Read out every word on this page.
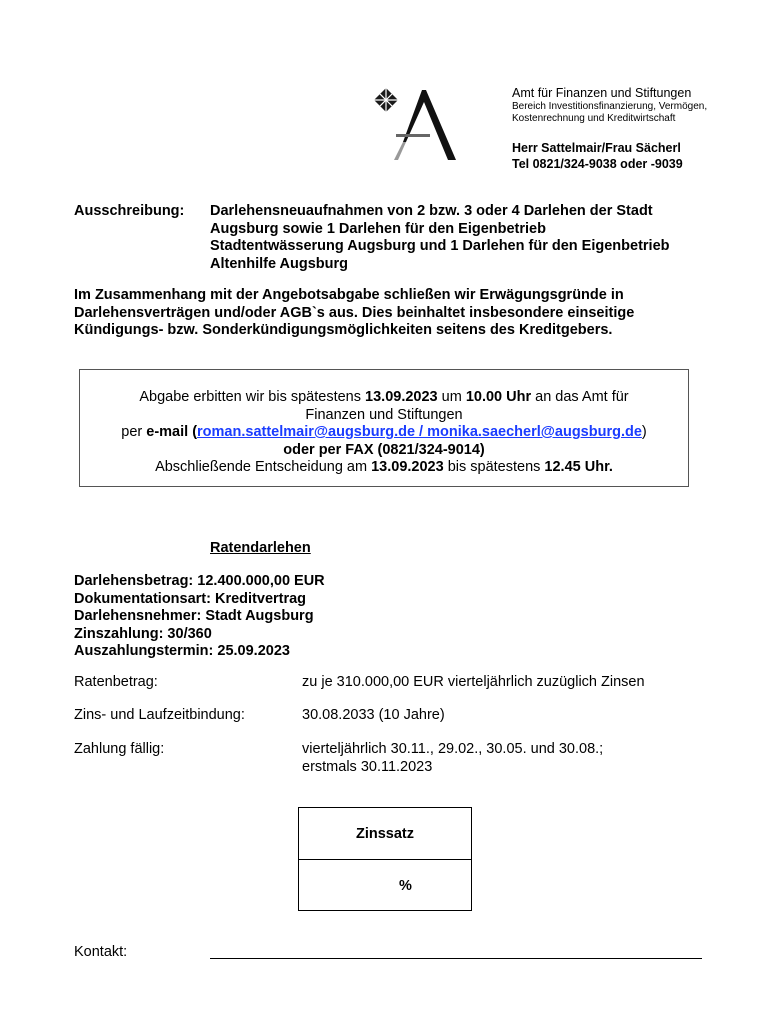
Amt für Finanzen und Stiftungen
Bereich Investitionsfinanzierung, Vermögen,
Kostenrechnung und Kreditwirtschaft
Herr Sattelmair/Frau Sächerl
Tel 0821/324-9038 oder -9039
Ausschreibung: Darlehensneuaufnahmen von 2 bzw. 3 oder 4 Darlehen der Stadt
Augsburg sowie 1 Darlehen für den Eigenbetrieb
Stadtentwässerung Augsburg und 1 Darlehen für den Eigenbetrieb
Altenhilfe Augsburg
Im Zusammenhang mit der Angebotsabgabe schließen wir Erwägungsgründe in
Darlehensverträgen und/oder AGB`s aus. Dies beinhaltet insbesondere einseitige
Kündigungs- bzw. Sonderkündigungsmöglichkeiten seitens des Kreditgebers.
Abgabe erbitten wir bis spätestens 13.09.2023 um 10.00 Uhr an das Amt für
Finanzen und Stiftungen
per e-mail (roman.sattelmair@augsburg.de / monika.saecherl@augsburg.de)
oder per FAX (0821/324-9014)
Abschließende Entscheidung am 13.09.2023 bis spätestens 12.45 Uhr.
Ratendarlehen
Darlehensbetrag: 12.400.000,00 EUR
Dokumentationsart: Kreditvertrag
Darlehensnehmer: Stadt Augsburg
Zinszahlung: 30/360
Auszahlungstermin: 25.09.2023
Ratenbetrag:	zu je 310.000,00 EUR vierteljährlich zuzüglich Zinsen
Zins- und Laufzeitbindung:	30.08.2033 (10 Jahre)
Zahlung fällig:	vierteljährlich 30.11., 29.02., 30.05. und 30.08.;
erstmals 30.11.2023
Zinssatz
%
Kontakt:
